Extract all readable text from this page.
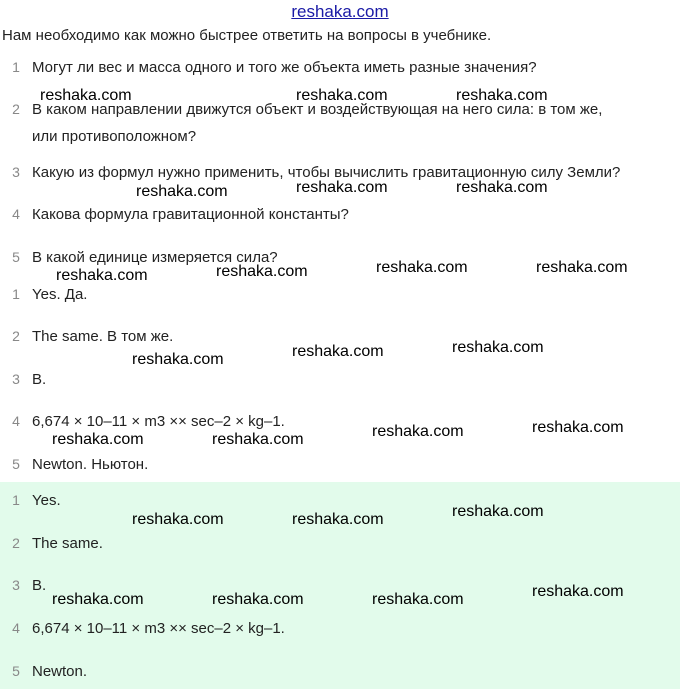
reshaka.com
Нам необходимо как можно быстрее ответить на вопросы в учебнике.
1 Могут ли вес и масса одного и того же объекта иметь разные значения?
2 В каком направлении движутся объект и воздействующая на него сила: в том же,
или противоположном?
3 Какую из формул нужно применить, чтобы вычислить гравитационную силу Земли?
4 Какова формула гравитационной константы?
5 В какой единице измеряется сила?
1 Yes. Да.
2 The same. В том же.
3 B.
4 6,674 × 10–11 × m3 ×× sec–2 × kg–1.
5 Newton. Ньютон.
1 Yes.
2 The same.
3 B.
4 6,674 × 10–11 × m3 ×× sec–2 × kg–1.
5 Newton.
reshaka.com	reshaka.com	reshaka.com
reshaka.com	reshaka.com	reshaka.com
reshaka.com	reshaka.com	reshaka.com	reshaka.com
reshaka.com	reshaka.com	reshaka.com
reshaka.com	reshaka.com	reshaka.com	reshaka.com
reshaka.com	reshaka.com	reshaka.com
reshaka.com	reshaka.com	reshaka.com	reshaka.com
